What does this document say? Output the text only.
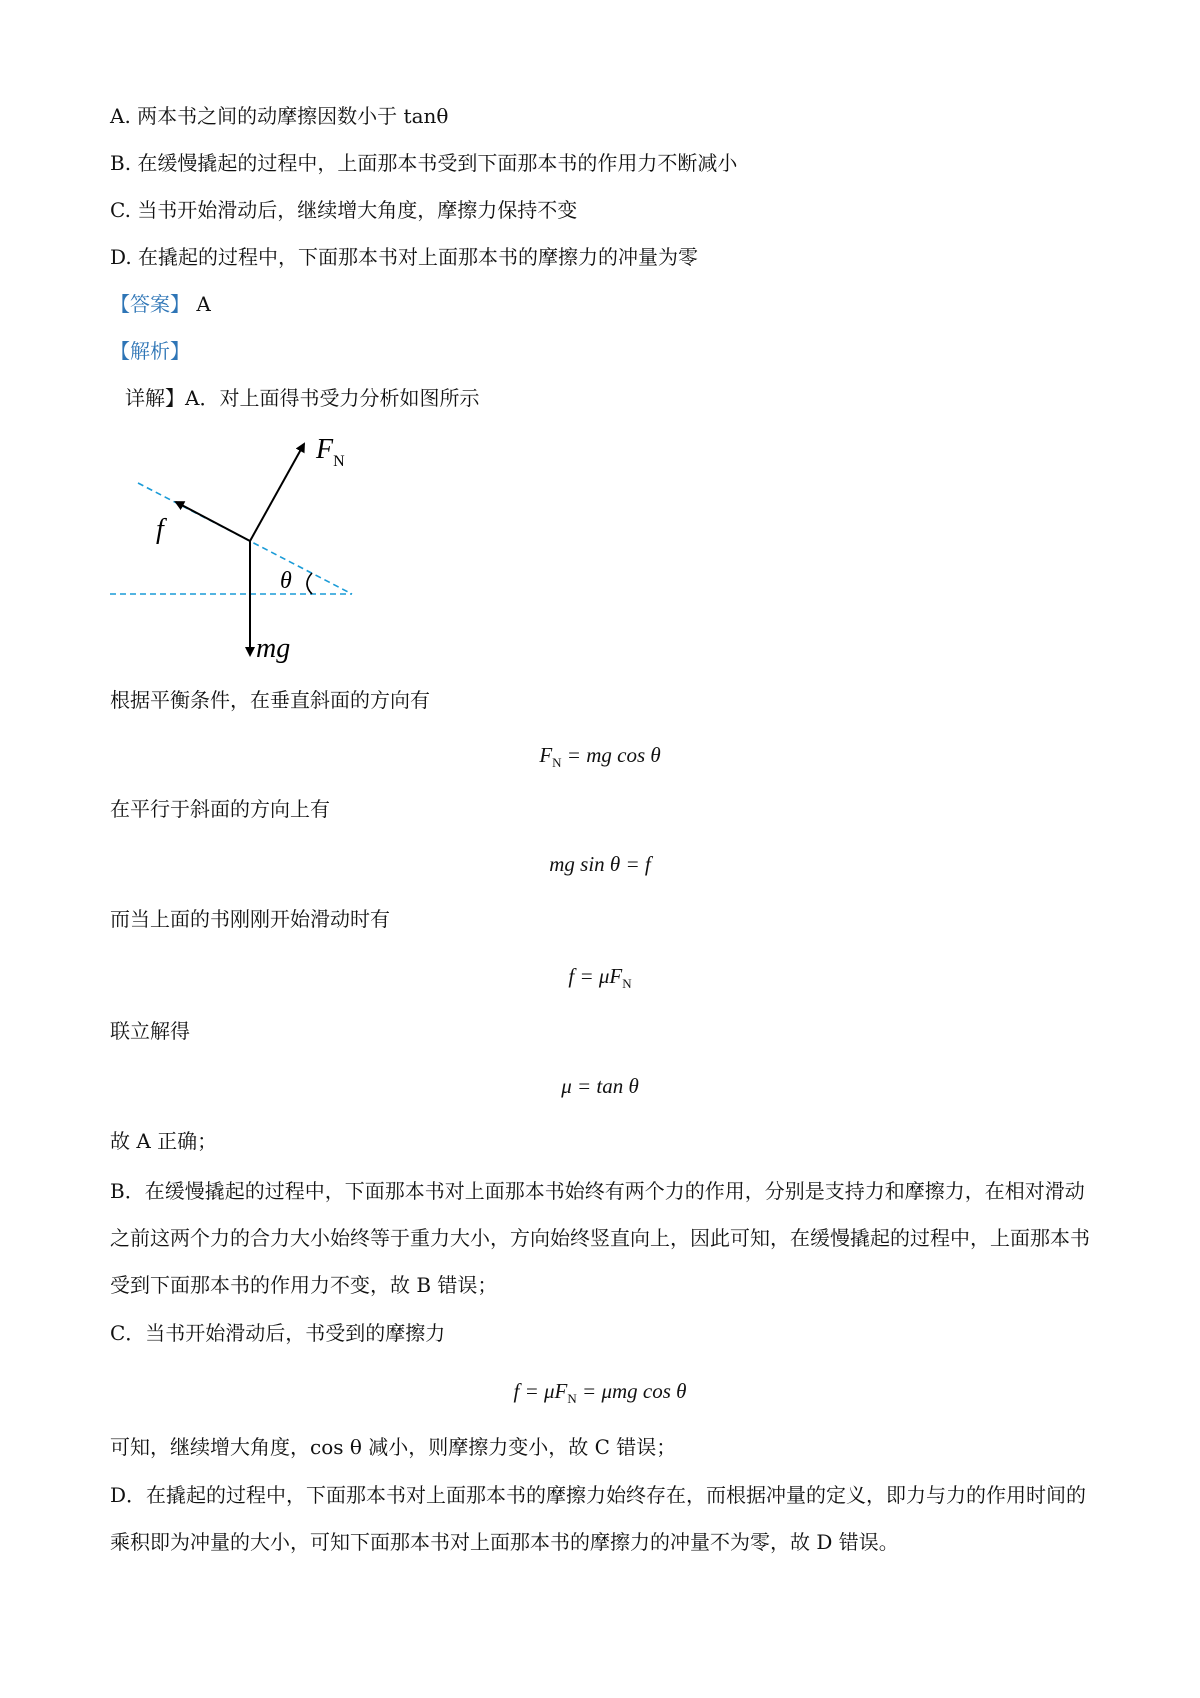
A. 两本书之间的动摩擦因数小于 tanθ
B. 在缓慢撬起的过程中，上面那本书受到下面那本书的作用力不断减小
C. 当书开始滑动后，继续增大角度，摩擦力保持不变
D. 在撬起的过程中，下面那本书对上面那本书的摩擦力的冲量为零
【答案】 A
【解析】
详解】A．对上面得书受力分析如图所示
$F_N$
f
θ
mg
根据平衡条件，在垂直斜面的方向有
$F_N$ = mg cos θ
在平行于斜面的方向上有
mg sin θ = f
而当上面的书刚刚开始滑动时有
$f = \mu F_N$
联立解得
μ = tan θ
故 A 正确；
B．在缓慢撬起的过程中，下面那本书对上面那本书始终有两个力的作用，分别是支持力和摩擦力，在相对滑动之前这两个力的合力大小始终等于重力大小，方向始终竖直向上，因此可知，在缓慢撬起的过程中，上面那本书受到下面那本书的作用力不变，故 B 错误；
C．当书开始滑动后，书受到的摩擦力
$f = \mu F_N = \mu mg$ cos θ
可知，继续增大角度，cos θ 减小，则摩擦力变小，故 C 错误；
D．在撬起的过程中，下面那本书对上面那本书的摩擦力始终存在，而根据冲量的定义，即力与力的作用时间的乘积即为冲量的大小，可知下面那本书对上面那本书的摩擦力的冲量不为零，故 D 错误。
